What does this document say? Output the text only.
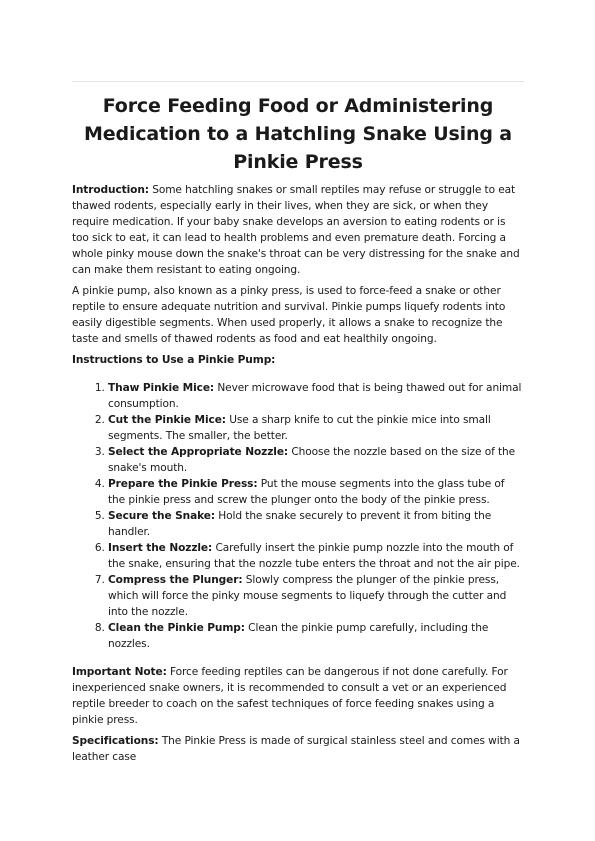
Force Feeding Food or Administering Medication to a Hatchling Snake Using a Pinkie Press

Introduction: Some hatchling snakes or small reptiles may refuse or struggle to eat thawed rodents, especially early in their lives, when they are sick, or when they require medication. If your baby snake develops an aversion to eating rodents or is too sick to eat, it can lead to health problems and even premature death. Forcing a whole pinky mouse down the snake's throat can be very distressing for the snake and can make them resistant to eating ongoing.

A pinkie pump, also known as a pinky press, is used to force-feed a snake or other reptile to ensure adequate nutrition and survival. Pinkie pumps liquefy rodents into easily digestible segments. When used properly, it allows a snake to recognize the taste and smells of thawed rodents as food and eat healthily ongoing.

Instructions to Use a Pinkie Pump:

1. Thaw Pinkie Mice: Never microwave food that is being thawed out for animal consumption.
2. Cut the Pinkie Mice: Use a sharp knife to cut the pinkie mice into small segments. The smaller, the better.
3. Select the Appropriate Nozzle: Choose the nozzle based on the size of the snake's mouth.
4. Prepare the Pinkie Press: Put the mouse segments into the glass tube of the pinkie press and screw the plunger onto the body of the pinkie press.
5. Secure the Snake: Hold the snake securely to prevent it from biting the handler.
6. Insert the Nozzle: Carefully insert the pinkie pump nozzle into the mouth of the snake, ensuring that the nozzle tube enters the throat and not the air pipe.
7. Compress the Plunger: Slowly compress the plunger of the pinkie press, which will force the pinky mouse segments to liquefy through the cutter and into the nozzle.
8. Clean the Pinkie Pump: Clean the pinkie pump carefully, including the nozzles.

Important Note: Force feeding reptiles can be dangerous if not done carefully. For inexperienced snake owners, it is recommended to consult a vet or an experienced reptile breeder to coach on the safest techniques of force feeding snakes using a pinkie press.

Specifications: The Pinkie Press is made of surgical stainless steel and comes with a leather case
